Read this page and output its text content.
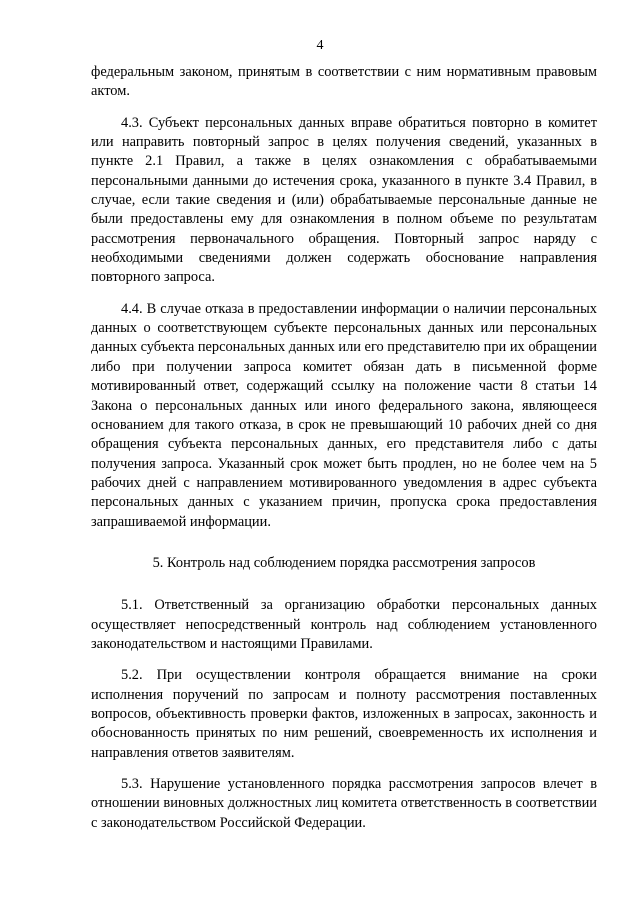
4

федеральным законом, принятым в соответствии с ним нормативным правовым актом.

4.3. Субъект персональных данных вправе обратиться повторно в комитет или направить повторный запрос в целях получения сведений, указанных в пункте 2.1 Правил, а также в целях ознакомления с обрабатываемыми персональными данными до истечения срока, указанного в пункте 3.4 Правил, в случае, если такие сведения и (или) обрабатываемые персональные данные не были предоставлены ему для ознакомления в полном объеме по результатам рассмотрения первоначального обращения. Повторный запрос наряду с необходимыми сведениями должен содержать обоснование направления повторного запроса.

4.4. В случае отказа в предоставлении информации о наличии персональных данных о соответствующем субъекте персональных данных или персональных данных субъекта персональных данных или его представителю при их обращении либо при получении запроса комитет обязан дать в письменной форме мотивированный ответ, содержащий ссылку на положение части 8 статьи 14 Закона о персональных данных или иного федерального закона, являющееся основанием для такого отказа, в срок не превышающий 10 рабочих дней со дня обращения субъекта персональных данных, его представителя либо с даты получения запроса. Указанный срок может быть продлен, но не более чем на 5 рабочих дней с направлением мотивированного уведомления в адрес субъекта персональных данных с указанием причин, пропуска срока предоставления запрашиваемой информации.

5. Контроль над соблюдением порядка рассмотрения запросов

5.1. Ответственный за организацию обработки персональных данных осуществляет непосредственный контроль над соблюдением установленного законодательством и настоящими Правилами.

5.2. При осуществлении контроля обращается внимание на сроки исполнения поручений по запросам и полноту рассмотрения поставленных вопросов, объективность проверки фактов, изложенных в запросах, законность и обоснованность принятых по ним решений, своевременность их исполнения и направления ответов заявителям.

5.3. Нарушение установленного порядка рассмотрения запросов влечет в отношении виновных должностных лиц комитета ответственность в соответствии с законодательством Российской Федерации.
